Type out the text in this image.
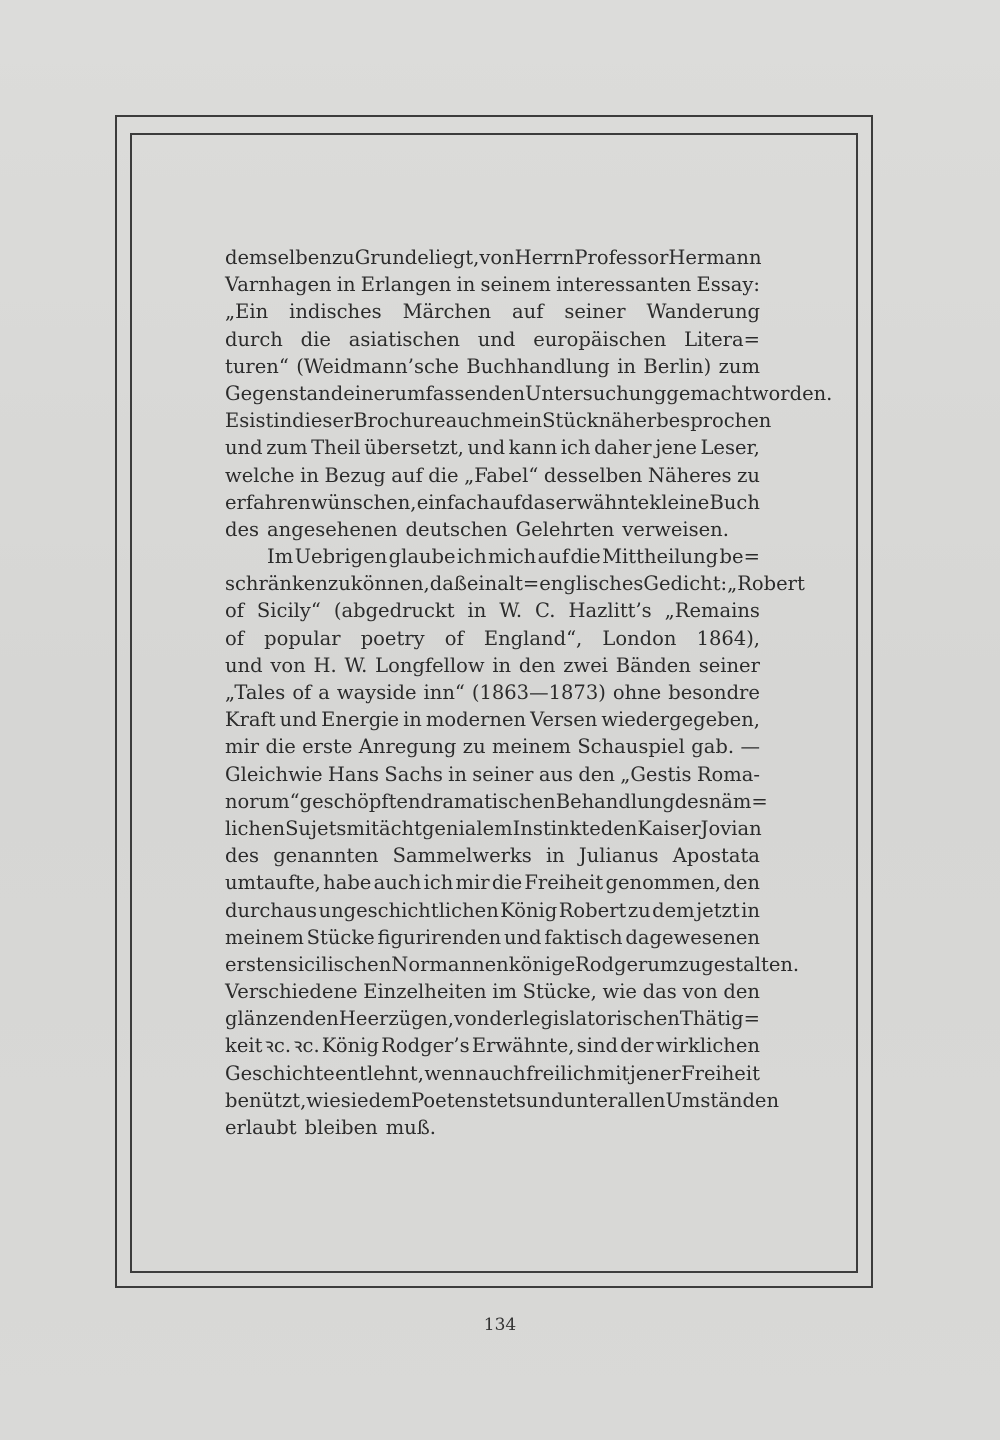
demselben zu Grunde liegt, von Herrn Professor Hermann
Varnhagen in Erlangen in seinem interessanten Essay:
„Ein indisches Märchen auf seiner Wanderung
durch die asiatischen und europäischen Litera=
turen“ (Weidmann’sche Buchhandlung in Berlin) zum
Gegenstand einer umfassenden Untersuchung gemacht worden.
Es ist in dieser Brochure auch mein Stück näher besprochen
und zum Theil übersetzt, und kann ich daher jene Leser,
welche in Bezug auf die „Fabel“ desselben Näheres zu
erfahren wünschen, einfach auf das erwähnte kleine Buch
des angesehenen deutschen Gelehrten verweisen.
Im Uebrigen glaube ich mich auf die Mittheilung be=
schränken zu können, daß ein alt=englisches Gedicht: „Robert
of Sicily“ (abgedruckt in W. C. Hazlitt’s „Remains
of popular poetry of England“, London 1864),
und von H. W. Longfellow in den zwei Bänden seiner
„Tales of a wayside inn“ (1863—1873) ohne besondre
Kraft und Energie in modernen Versen wiedergegeben,
mir die erste Anregung zu meinem Schauspiel gab. —
Gleichwie Hans Sachs in seiner aus den „Gestis Roma-
norum“ geschöpften dramatischen Behandlung des näm=
lichen Sujets mit ächt genialem Instinkte den Kaiser Jovian
des genannten Sammelwerks in Julianus Apostata
umtaufte, habe auch ich mir die Freiheit genommen, den
durchaus ungeschichtlichen König Robert zu dem jetzt in
meinem Stücke figurirenden und faktisch dagewesenen
ersten sicilischen Normannenkönige Rodger umzugestalten.
Verschiedene Einzelheiten im Stücke, wie das von den
glänzenden Heerzügen, von der legislatorischen Thätig=
keit ꝛc. ꝛc. König Rodger’s Erwähnte, sind der wirklichen
Geschichte entlehnt, wenn auch freilich mit jener Freiheit
benützt, wie sie dem Poeten stets und unter allen Umständen
erlaubt bleiben muß.
134
